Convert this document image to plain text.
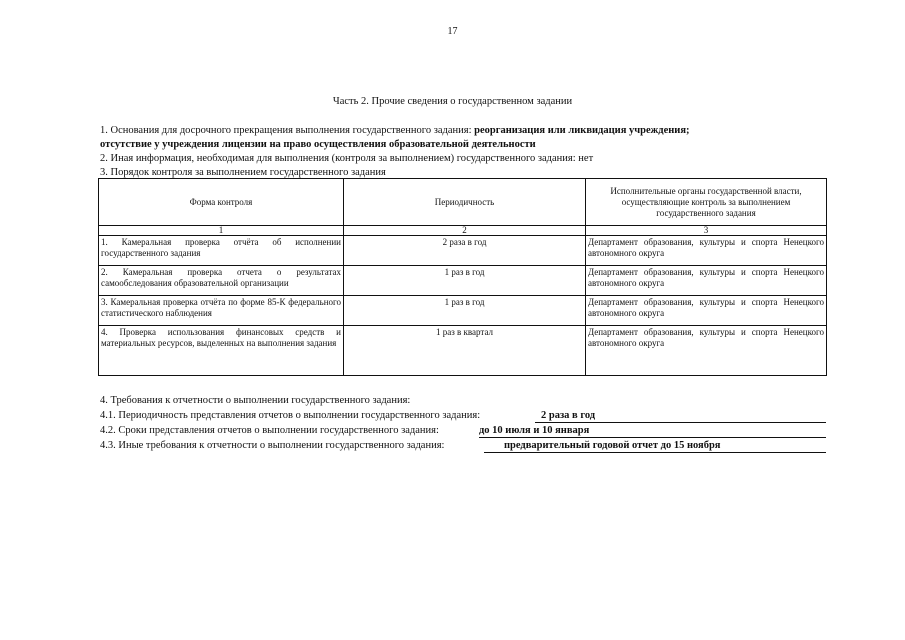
17
Часть 2. Прочие сведения о государственном задании
1. Основания для досрочного прекращения выполнения государственного задания: реорганизация или ликвидация учреждения;
отсутствие у учреждения лицензии на право осуществления образовательной деятельности
2. Иная информация, необходимая для выполнения (контроля за выполнением) государственного задания: нет
3. Порядок контроля за выполнением государственного задания
Форма контроля	Периодичность	Исполнительные органы государственной власти, осуществляющие контроль за выполнением государственного задания
1	2	3
1. Камеральная проверка отчёта об исполнении государственного задания	2 раза в год	Департамент образования, культуры и спорта Ненецкого автономного округа
2. Камеральная проверка отчета о результатах самообследования образовательной организации	1 раз в год	Департамент образования, культуры и спорта Ненецкого автономного округа
3. Камеральная проверка отчёта по форме 85-К федерального статистического наблюдения	1 раз в год	Департамент образования, культуры и спорта Ненецкого автономного округа
4. Проверка использования финансовых средств и материальных ресурсов, выделенных на выполнения задания	1 раз в квартал	Департамент образования, культуры и спорта Ненецкого автономного округа
4. Требования к отчетности о выполнении государственного задания:
4.1. Периодичность представления отчетов о выполнении государственного задания:	2 раза в год
4.2. Сроки представления отчетов о выполнении государственного задания:	до 10 июля и 10 января
4.3. Иные требования к отчетности о выполнении государственного задания:	предварительный годовой отчет до 15 ноября
